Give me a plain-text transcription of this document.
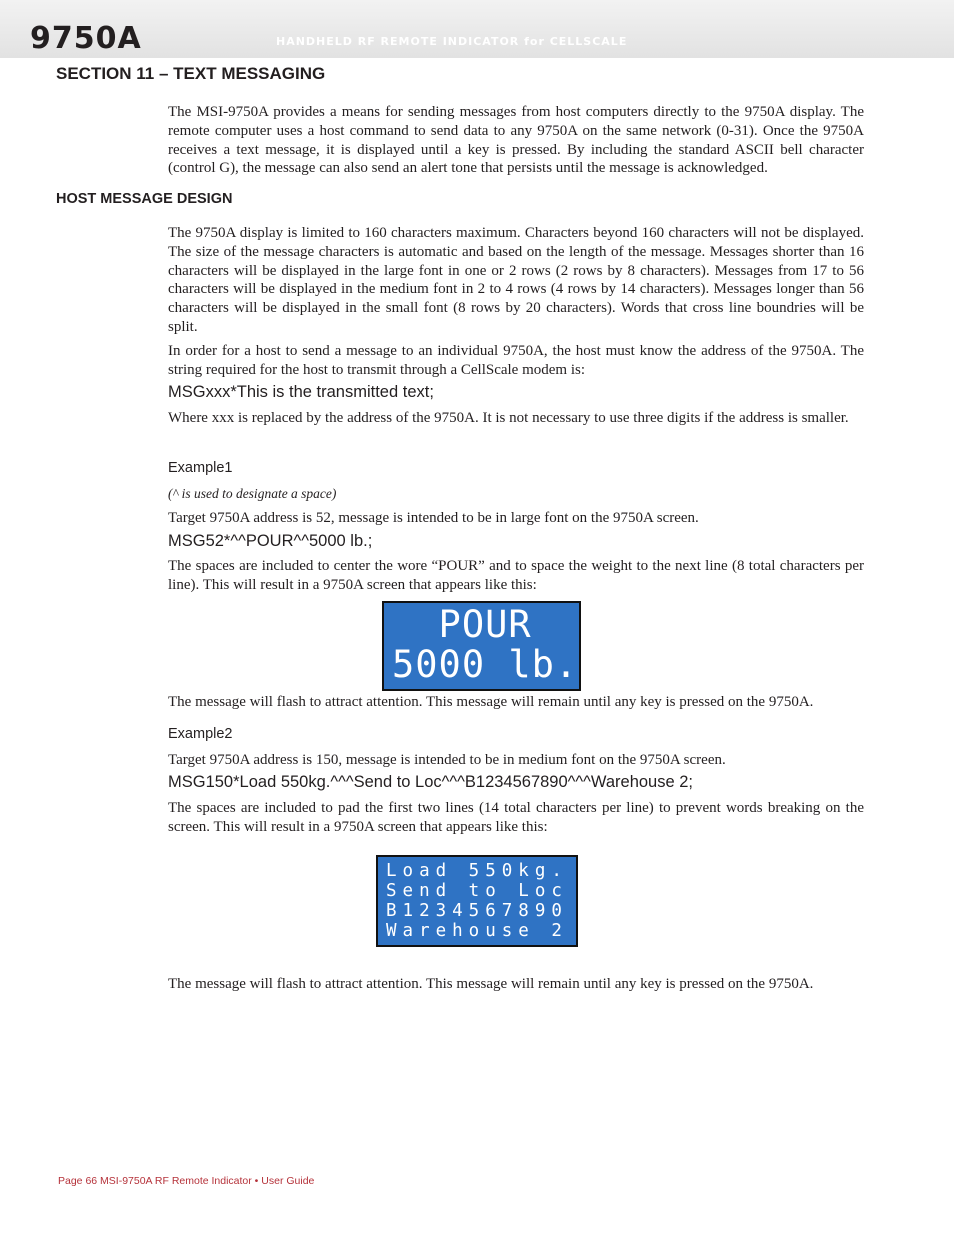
9750A	HANDHELD RF REMOTE INDICATOR for CELLSCALE
SECTION 11 – TEXT MESSAGING

The MSI-9750A provides a means for sending messages from host computers directly to the 9750A display. The remote computer uses a host command to send data to any 9750A on the same network (0-31). Once the 9750A receives a text message, it is displayed until a key is pressed. By including the standard ASCII bell character (control G), the message can also send an alert tone that persists until the message is acknowledged.

HOST MESSAGE DESIGN

The 9750A display is limited to 160 characters maximum. Characters beyond 160 characters will not be displayed. The size of the message characters is automatic and based on the length of the message. Messages shorter than 16 characters will be displayed in the large font in one or 2 rows (2 rows by 8 characters). Messages from 17 to 56 characters will be displayed in the medium font in 2 to 4 rows (4 rows by 14 characters). Messages longer than 56 characters will be displayed in the small font (8 rows by 20 characters). Words that cross line boundries will be split.

In order for a host to send a message to an individual 9750A, the host must know the address of the 9750A. The string required for the host to transmit through a CellScale modem is:

MSGxxx*This is the transmitted text;

Where xxx is replaced by the address of the 9750A. It is not necessary to use three digits if the address is smaller.

Example1

(^ is used to designate a space)

Target 9750A address is 52, message is intended to be in large font on the 9750A screen.

MSG52*^^POUR^^5000 lb.;

The spaces are included to center the wore “POUR” and to space the weight to the next line (8 total characters per line). This will result in a 9750A screen that appears like this:

POUR
5000 lb.

The message will flash to attract attention. This message will remain until any key is pressed on the 9750A.

Example2

Target 9750A address is 150, message is intended to be in medium font on the 9750A screen.

MSG150*Load 550kg.^^^Send to Loc^^^B1234567890^^^Warehouse 2;

The spaces are included to pad the first two lines (14 total characters per line) to prevent words breaking on the screen. This will result in a 9750A screen that appears like this:

Load 550kg.
Send to Loc
B1234567890
Warehouse 2

The message will flash to attract attention. This message will remain until any key is pressed on the 9750A.

Page 66 MSI-9750A RF Remote Indicator • User Guide
